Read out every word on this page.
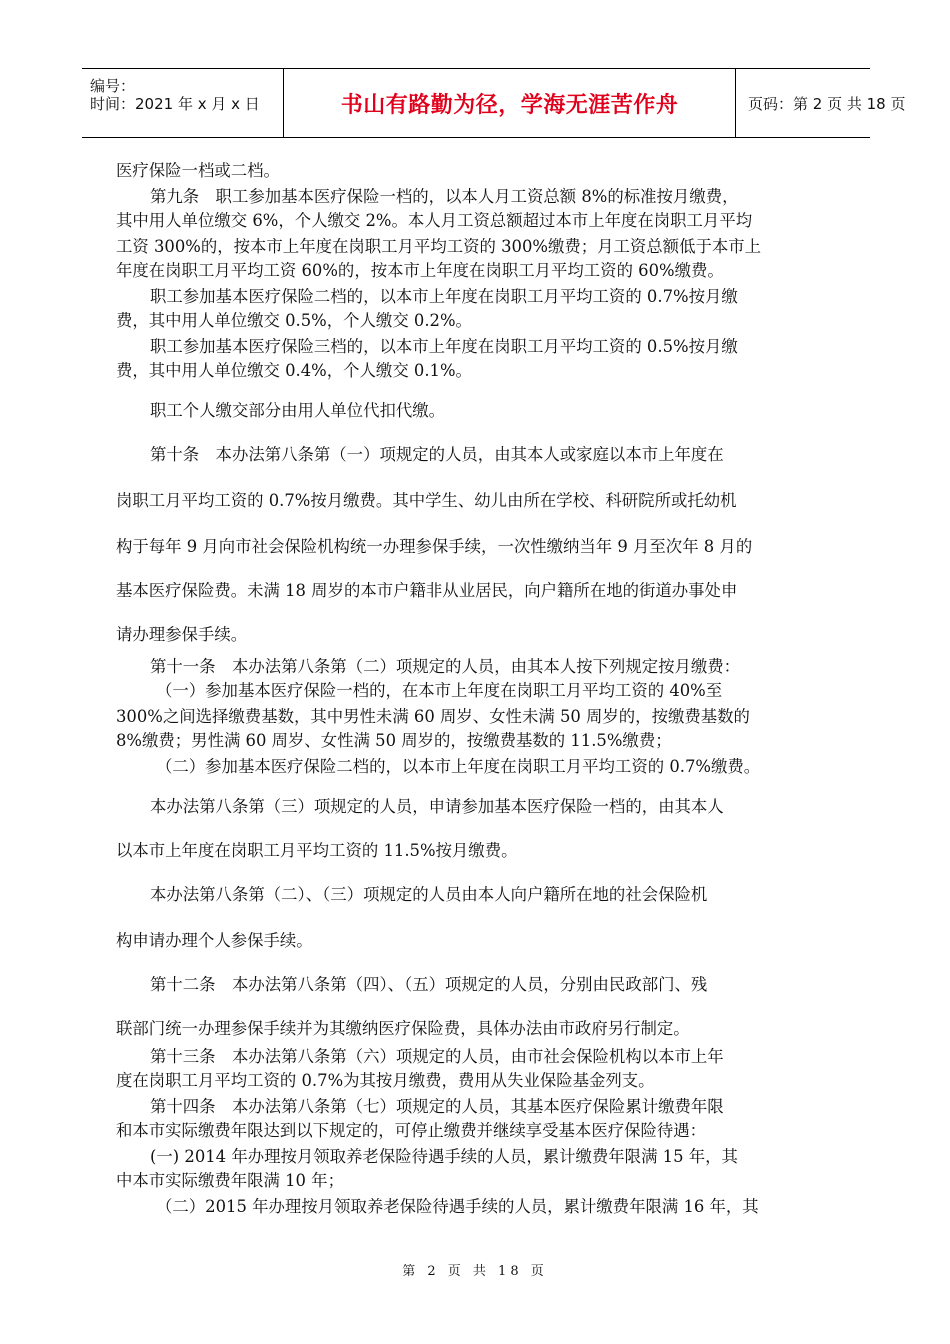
编号：
时间：2021 年 x 月 x 日	书山有路勤为径，学海无涯苦作舟	页码：第 2 页 共 18 页
医疗保险一档或二档。
第九条　职工参加基本医疗保险一档的，以本人月工资总额 8%的标准按月缴费，
其中用人单位缴交 6%，个人缴交 2%。本人月工资总额超过本市上年度在岗职工月平均
工资 300%的，按本市上年度在岗职工月平均工资的 300%缴费；月工资总额低于本市上
年度在岗职工月平均工资 60%的，按本市上年度在岗职工月平均工资的 60%缴费。
职工参加基本医疗保险二档的，以本市上年度在岗职工月平均工资的 0.7%按月缴
费，其中用人单位缴交 0.5%，个人缴交 0.2%。
职工参加基本医疗保险三档的，以本市上年度在岗职工月平均工资的 0.5%按月缴
费，其中用人单位缴交 0.4%，个人缴交 0.1%。
职工个人缴交部分由用人单位代扣代缴。
第十条　本办法第八条第（一）项规定的人员，由其本人或家庭以本市上年度在
岗职工月平均工资的 0.7%按月缴费。其中学生、幼儿由所在学校、科研院所或托幼机
构于每年 9 月向市社会保险机构统一办理参保手续，一次性缴纳当年 9 月至次年 8 月的
基本医疗保险费。未满 18 周岁的本市户籍非从业居民，向户籍所在地的街道办事处申
请办理参保手续。
第十一条　本办法第八条第（二）项规定的人员，由其本人按下列规定按月缴费：
（一）参加基本医疗保险一档的，在本市上年度在岗职工月平均工资的 40%至
300%之间选择缴费基数，其中男性未满 60 周岁、女性未满 50 周岁的，按缴费基数的
8%缴费；男性满 60 周岁、女性满 50 周岁的，按缴费基数的 11.5%缴费；
（二）参加基本医疗保险二档的，以本市上年度在岗职工月平均工资的 0.7%缴费。
本办法第八条第（三）项规定的人员，申请参加基本医疗保险一档的，由其本人
以本市上年度在岗职工月平均工资的 11.5%按月缴费。
本办法第八条第（二）、（三）项规定的人员由本人向户籍所在地的社会保险机
构申请办理个人参保手续。
第十二条　本办法第八条第（四）、（五）项规定的人员，分别由民政部门、残
联部门统一办理参保手续并为其缴纳医疗保险费，具体办法由市政府另行制定。
第十三条　本办法第八条第（六）项规定的人员，由市社会保险机构以本市上年
度在岗职工月平均工资的 0.7%为其按月缴费，费用从失业保险基金列支。
第十四条　本办法第八条第（七）项规定的人员，其基本医疗保险累计缴费年限
和本市实际缴费年限达到以下规定的，可停止缴费并继续享受基本医疗保险待遇：
(一) 2014 年办理按月领取养老保险待遇手续的人员，累计缴费年限满 15 年，其
中本市实际缴费年限满 10 年；
（二）2015 年办理按月领取养老保险待遇手续的人员，累计缴费年限满 16 年，其
第 2 页 共 18 页
